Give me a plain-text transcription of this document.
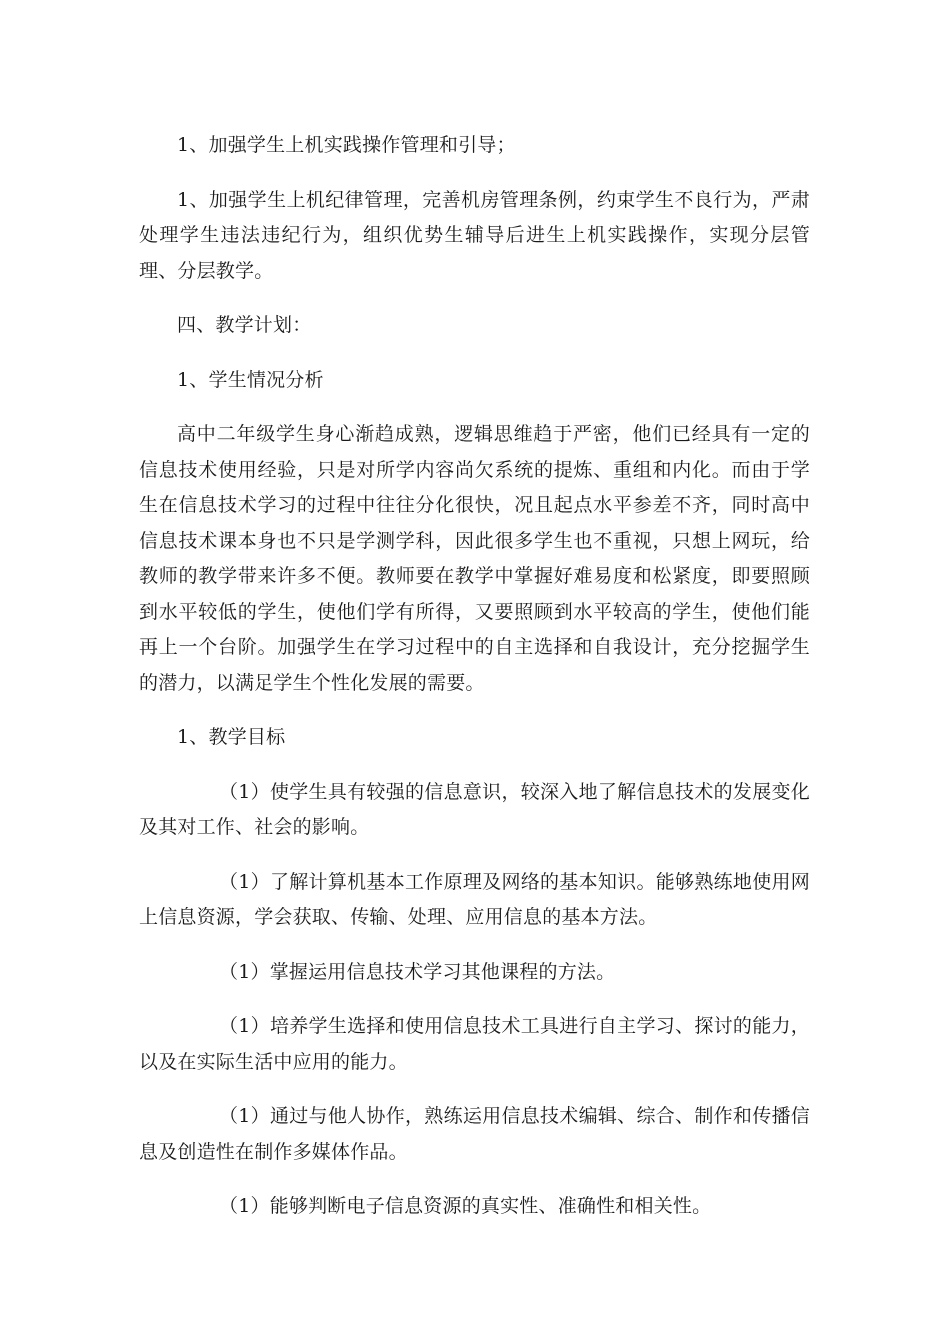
1、加强学生上机实践操作管理和引导；

1、加强学生上机纪律管理，完善机房管理条例，约束学生不良行为，严肃处理学生违法违纪行为，组织优势生辅导后进生上机实践操作，实现分层管理、分层教学。

四、教学计划：

1、学生情况分析

高中二年级学生身心渐趋成熟，逻辑思维趋于严密，他们已经具有一定的信息技术使用经验，只是对所学内容尚欠系统的提炼、重组和内化。而由于学生在信息技术学习的过程中往往分化很快，况且起点水平参差不齐，同时高中信息技术课本身也不只是学测学科，因此很多学生也不重视，只想上网玩，给教师的教学带来许多不便。教师要在教学中掌握好难易度和松紧度，即要照顾到水平较低的学生，使他们学有所得，又要照顾到水平较高的学生，使他们能再上一个台阶。加强学生在学习过程中的自主选择和自我设计，充分挖掘学生的潜力，以满足学生个性化发展的需要。

1、教学目标

（1）使学生具有较强的信息意识，较深入地了解信息技术的发展变化及其对工作、社会的影响。

（1）了解计算机基本工作原理及网络的基本知识。能够熟练地使用网上信息资源，学会获取、传输、处理、应用信息的基本方法。

（1）掌握运用信息技术学习其他课程的方法。

（1）培养学生选择和使用信息技术工具进行自主学习、探讨的能力，以及在实际生活中应用的能力。

（1）通过与他人协作，熟练运用信息技术编辑、综合、制作和传播信息及创造性在制作多媒体作品。

（1）能够判断电子信息资源的真实性、准确性和相关性。
